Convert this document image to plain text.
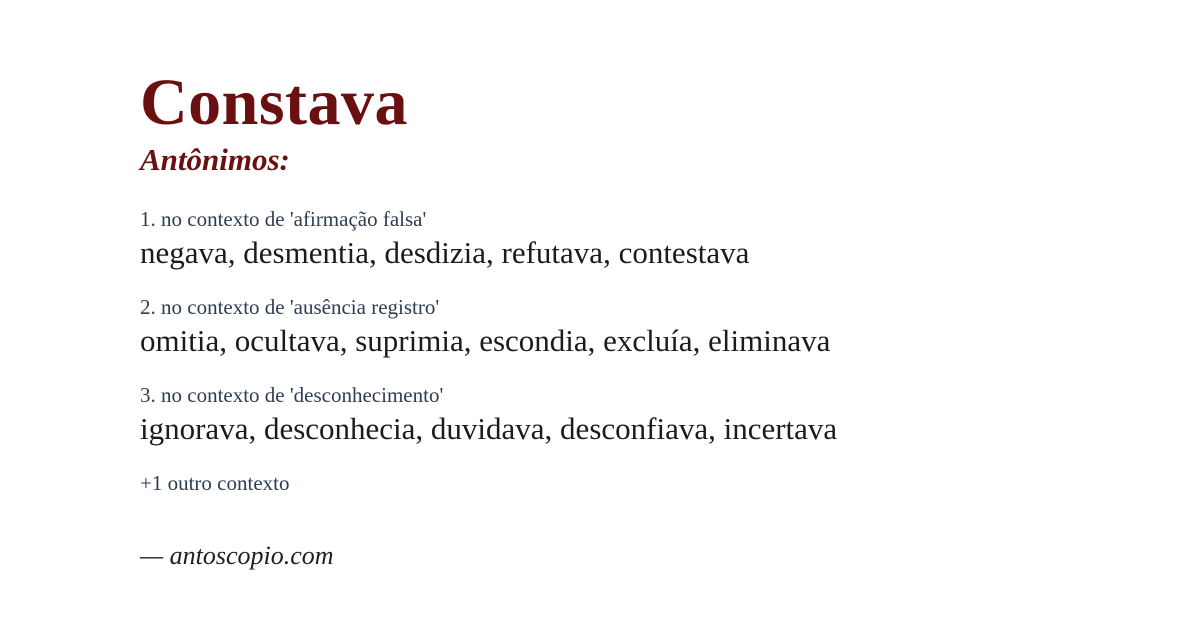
Constava
Antônimos:
1. no contexto de 'afirmação falsa'
negava, desmentia, desdizia, refutava, contestava
2. no contexto de 'ausência registro'
omitia, ocultava, suprimia, escondia, excluía, eliminava
3. no contexto de 'desconhecimento'
ignorava, desconhecia, duvidava, desconfiava, incertava
+1 outro contexto
— antoscopio.com
